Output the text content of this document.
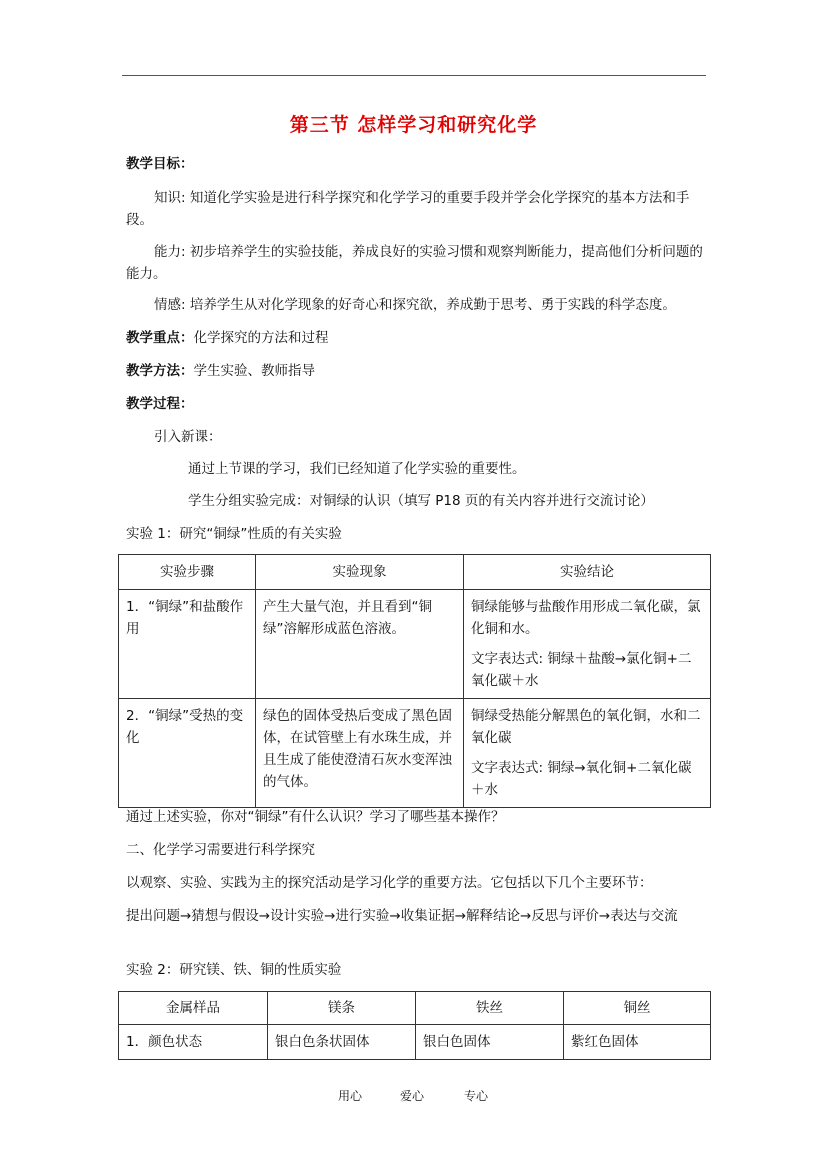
第三节 怎样学习和研究化学
教学目标：
知识: 知道化学实验是进行科学探究和化学学习的重要手段并学会化学探究的基本方法和手段。
能力: 初步培养学生的实验技能，养成良好的实验习惯和观察判断能力，提高他们分析问题的能力。
情感: 培养学生从对化学现象的好奇心和探究欲，养成勤于思考、勇于实践的科学态度。
教学重点：化学探究的方法和过程
教学方法：学生实验、教师指导
教学过程：
引入新课：
通过上节课的学习，我们已经知道了化学实验的重要性。
学生分组实验完成：对铜绿的认识（填写 P18 页的有关内容并进行交流讨论）
实验 1：研究“铜绿”性质的有关实验
实验步骤	实验现象	实验结论
1．“铜绿”和盐酸作用	产生大量气泡，并且看到“铜绿”溶解形成蓝色溶液。	铜绿能够与盐酸作用形成二氧化碳，氯化铜和水。

文字表达式: 铜绿＋盐酸→氯化铜+二氧化碳＋水

2．“铜绿”受热的变化	绿色的固体受热后变成了黑色固体，在试管壁上有水珠生成，并且生成了能使澄清石灰水变浑浊的气体。	铜绿受热能分解黑色的氧化铜，水和二氧化碳

文字表达式: 铜绿→氧化铜+二氧化碳＋水

通过上述实验，你对“铜绿”有什么认识？学习了哪些基本操作？
二、化学学习需要进行科学探究
以观察、实验、实践为主的探究活动是学习化学的重要方法。它包括以下几个主要环节：
提出问题→猜想与假设→设计实验→进行实验→收集证据→解释结论→反思与评价→表达与交流
实验 2：研究镁、铁、铜的性质实验
金属样品	镁条	铁丝	铜丝
1．颜色状态	银白色条状固体	银白色固体	紫红色固体
用心	爱心	专心
